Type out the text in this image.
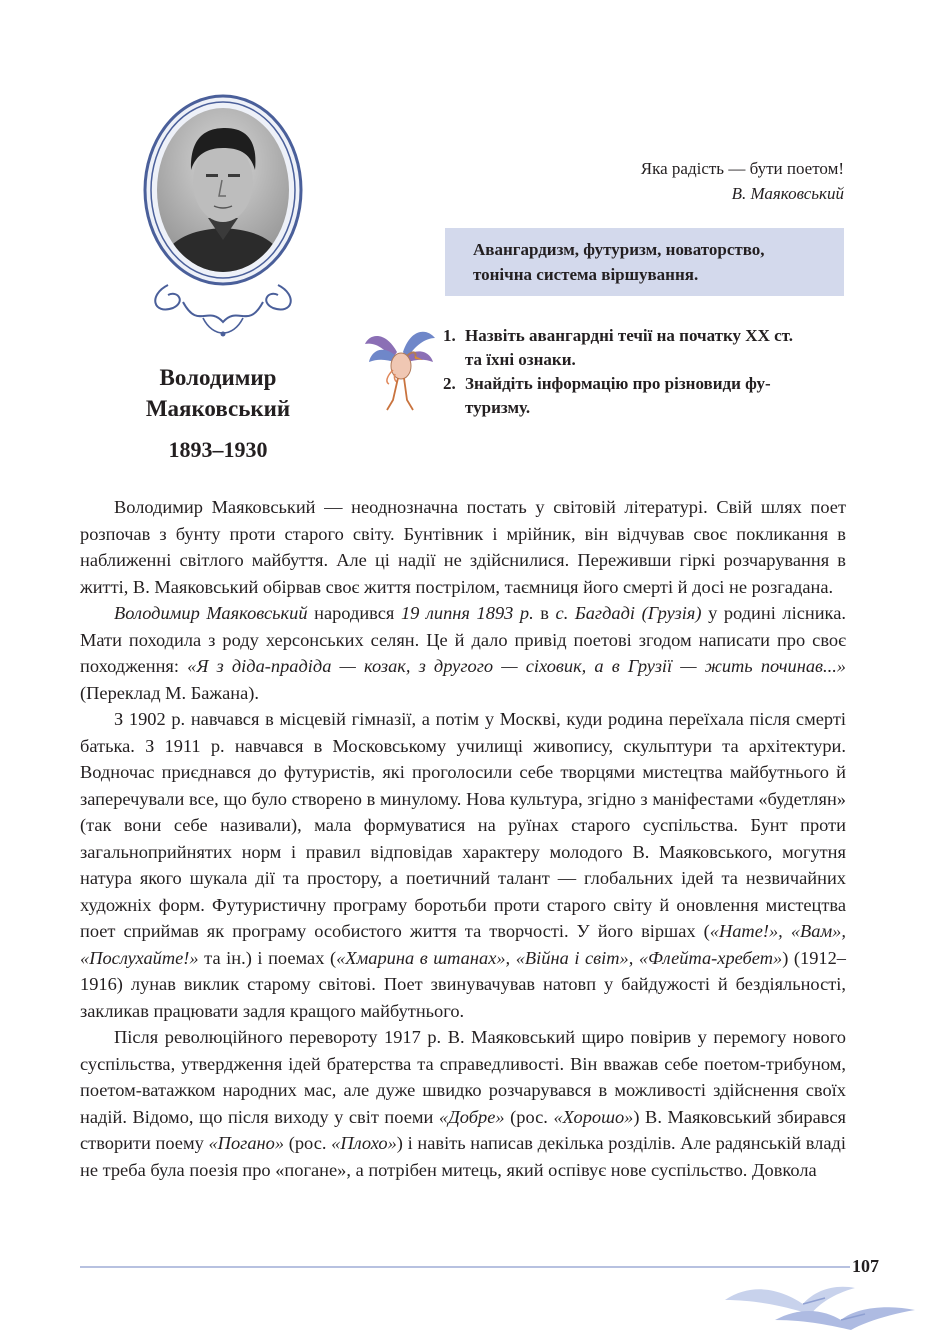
Володимир
Маяковський
1893–1930
Яка радість — бути поетом!
В. Маяковський
Авангардизм, футуризм, новаторство,
тонічна система віршування.
1. Назвіть авангардні течії на початку ХХ ст.
та їхні ознаки.
2. Знайдіть інформацію про різновиди фу-
туризму.

Володимир Маяковський — неоднозначна постать у світовій літературі. Свій шлях поет розпочав з бунту проти старого світу. Бунтівник і мрійник, він відчував своє покликання в наближенні світлого майбуття. Але ці надії не здійснилися. Переживши гіркі розчарування в житті, В. Маяковський обірвав своє життя пострілом, таємниця його смерті й досі не розгадана.

Володимир Маяковський народився 19 липня 1893 р. в с. Багдаді (Грузія) у родині лісника. Мати походила з роду херсонських селян. Це й дало привід поетові згодом написати про своє походження: «Я з діда-прадіда — козак, з другого — сіховик, а в Грузії — жить починав...» (Переклад М. Бажана).

З 1902 р. навчався в місцевій гімназії, а потім у Москві, куди родина переїхала після смерті батька. З 1911 р. навчався в Московському училищі живопису, скульптури та архітектури. Водночас приєднався до футуристів, які проголосили себе творцями мистецтва майбутнього й заперечували все, що було створено в минулому. Нова культура, згідно з маніфестами «будетлян» (так вони себе називали), мала формуватися на руїнах старого суспільства. Бунт проти загальноприйнятих норм і правил відповідав характеру молодого В. Маяковського, могутня натура якого шукала дії та простору, а поетичний талант — глобальних ідей та незвичайних художніх форм. Футуристичну програму боротьби проти старого світу й оновлення мистецтва поет сприймав як програму особистого життя та творчості. У його віршах («Нате!», «Вам», «Послухайте!» та ін.) і поемах («Хмарина в штанах», «Війна і світ», «Флейта-хребет») (1912–1916) лунав виклик старому світові. Поет звинувачував натовп у байдужості й бездіяльності, закликав працювати задля кращого майбутнього.

Після революційного перевороту 1917 р. В. Маяковський щиро повірив у перемогу нового суспільства, утвердження ідей братерства та справедливості. Він вважав себе поетом-трибуном, поетом-ватажком народних мас, але дуже швидко розчарувався в можливості здійснення своїх надій. Відомо, що після виходу у світ поеми «Добре» (рос. «Хорошо») В. Маяковський збирався створити поему «Погано» (рос. «Плохо») і навіть написав декілька розділів. Але радянській владі не треба була поезія про «погане», а потрібен митець, який оспівує нове суспільство. Довкола

107
